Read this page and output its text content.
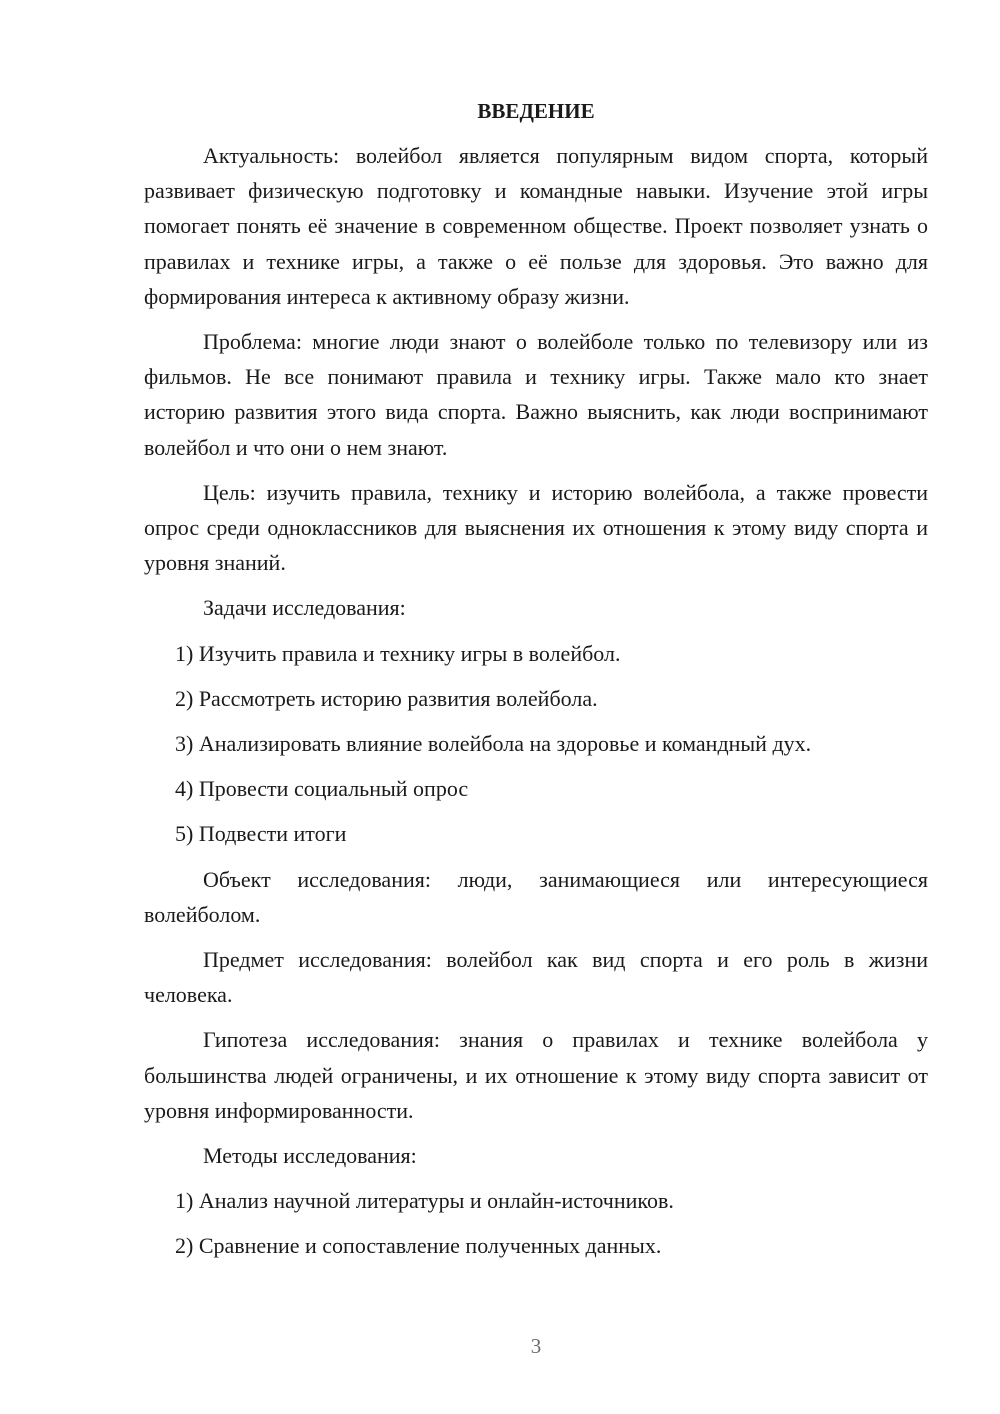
ВВЕДЕНИЕ

Актуальность: волейбол является популярным видом спорта, который развивает физическую подготовку и командные навыки. Изучение этой игры помогает понять её значение в современном обществе. Проект позволяет узнать о правилах и технике игры, а также о её пользе для здоровья. Это важно для формирования интереса к активному образу жизни.

Проблема: многие люди знают о волейболе только по телевизору или из фильмов. Не все понимают правила и технику игры. Также мало кто знает историю развития этого вида спорта. Важно выяснить, как люди воспринимают волейбол и что они о нем знают.

Цель: изучить правила, технику и историю волейбола, а также провести опрос среди одноклассников для выяснения их отношения к этому виду спорта и уровня знаний.

Задачи исследования:

1) Изучить правила и технику игры в волейбол.
2) Рассмотреть историю развития волейбола.
3) Анализировать влияние волейбола на здоровье и командный дух.
4) Провести социальный опрос
5) Подвести итоги

Объект исследования: люди, занимающиеся или интересующиеся волейболом.

Предмет исследования: волейбол как вид спорта и его роль в жизни человека.

Гипотеза исследования: знания о правилах и технике волейбола у большинства людей ограничены, и их отношение к этому виду спорта зависит от уровня информированности.

Методы исследования:

1) Анализ научной литературы и онлайн-источников.
2) Сравнение и сопоставление полученных данных.
3
